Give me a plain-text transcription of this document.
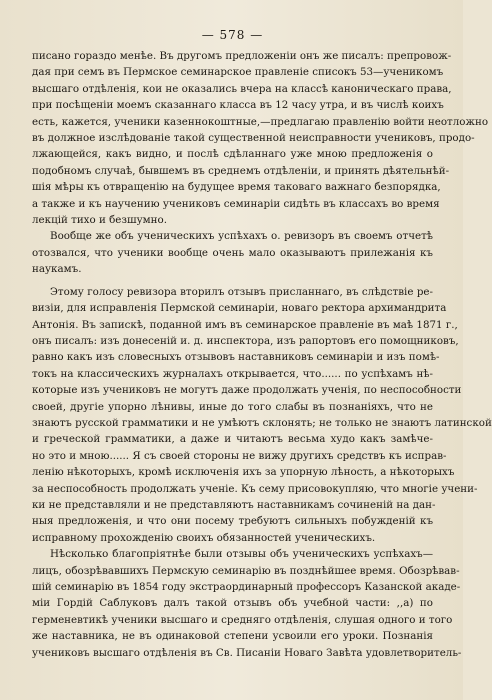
— 578 —
писано гораздо менѣе. Въ другомъ предложенiи онъ же писалъ: препровож-
дая при семъ въ Пермское семинарское правленiе списокъ 53—ученикомъ
высшаго отдѣленiя, кои не оказались вчера на классѣ каноническаго права,
при посѣщенiи моемъ сказаннаго класса въ 12 часу утра, и въ числѣ коихъ
есть, кажется, ученики казеннокоштные,—предлагаю правленiю войти неотложно
въ должное изслѣдованiе такой существенной неисправности учениковъ, продо-
лжающейся, какъ видно, и послѣ сдѣланнаго уже мною предложенiя о
подобномъ случаѣ, бывшемъ въ среднемъ отдѣленiи, и принять дѣятельнѣй-
шiя мѣры къ отвращенiю на будущее время таковаго важнаго безпорядка,
а также и къ научению учениковъ семинарiи сидѣть въ классахъ во время
лекцiй тихо и безшумно.
Вообще же объ ученическихъ успѣхахъ о. ревизоръ въ своемъ отчетѣ
отозвался, что ученики вообще очень мало оказываютъ прилежанiя къ
наукамъ.
Этому голосу ревизора вторилъ отзывъ присланнаго, въ слѣдствiе ре-
визiи, для исправленiя Пермской семинарiи, новаго ректора архимандрита
Антонiя. Въ запискѣ, поданной имъ въ семинарское правленiе въ маѣ 1871 г.,
онъ писалъ: изъ донесенiй и. д. инспектора, изъ рапортовъ его помощниковъ,
равно какъ изъ словесныхъ отзывовъ наставниковъ семинарiи и изъ помѣ-
токъ на классическихъ журналахъ открывается, что...... по успѣхамъ нѣ-
которые изъ учениковъ не могутъ даже продолжать ученiя, по неспособности
своей, другiе упорно лѣнивы, иные до того слабы въ познанiяхъ, что не
знаютъ русской грамматики и не умѣютъ склонять; не только не знаютъ латинской
и греческой грамматики, а даже и читаютъ весьма худо какъ замѣче-
но это и мною...... Я съ своей стороны не вижу другихъ средствъ къ исправ-
ленiю нѣкоторыхъ, кромѣ исключенiя ихъ за упорную лѣность, а нѣкоторыхъ
за неспособность продолжать ученiе. Къ сему присовокупляю, что многiе учени-
ки не представляли и не представляютъ наставникамъ сочиненiй на дан-
ныя предложенiя, и что они посему требуютъ сильныхъ побужденiй къ
исправному прохожденiю своихъ обязанностей ученическихъ.
Нѣсколько благопрiятнѣе были отзывы объ ученическихъ успѣхахъ—
лицъ, обозрѣвавшихъ Пермскую семинарiю въ позднѣйшее время. Обозрѣвав-
шiй семинарiю въ 1854 году экстраординарный профессоръ Казанской акаде-
мiи Гордiй Саблуковъ далъ такой отзывъ объ учебной части: ,,а) по
герменевтикѣ ученики высшаго и средняго отдѣленiя, слушая одного и того
же наставника, не въ одинаковой степени усвоили его уроки. Познанiя
учениковъ высшаго отдѣленiя въ Св. Писанiи Новаго Завѣта удовлетворитель-
